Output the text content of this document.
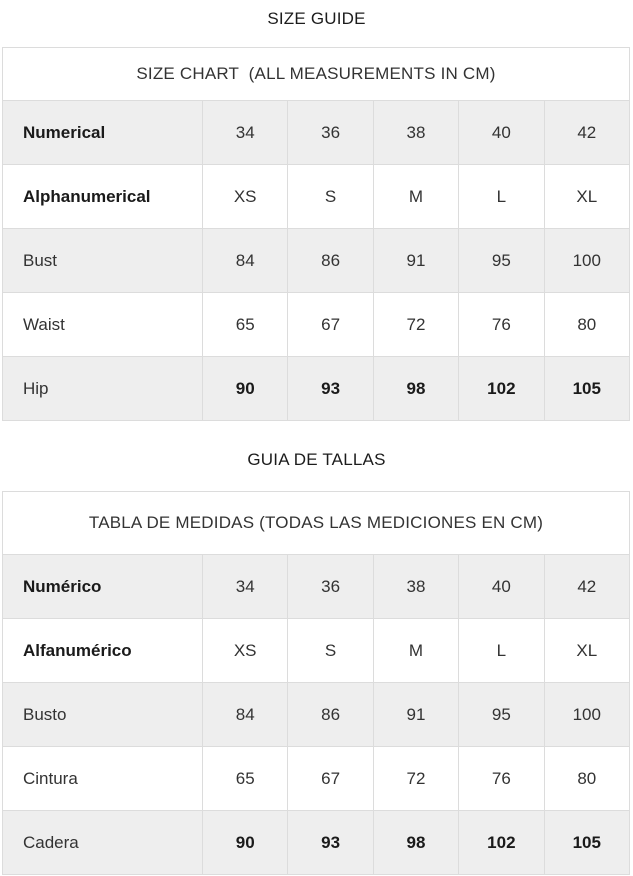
SIZE GUIDE
SIZE CHART  (ALL MEASUREMENTS IN CM)					
Numerical	34	36	38	40	42
Alphanumerical	XS	S	M	L	XL
Bust	84	86	91	95	100
Waist	65	67	72	76	80
Hip	90	93	98	102	105
GUIA DE TALLAS
TABLA DE MEDIDAS (TODAS LAS MEDICIONES EN CM)					
Numérico	34	36	38	40	42
Alfanumérico	XS	S	M	L	XL
Busto	84	86	91	95	100
Cintura	65	67	72	76	80
Cadera	90	93	98	102	105
